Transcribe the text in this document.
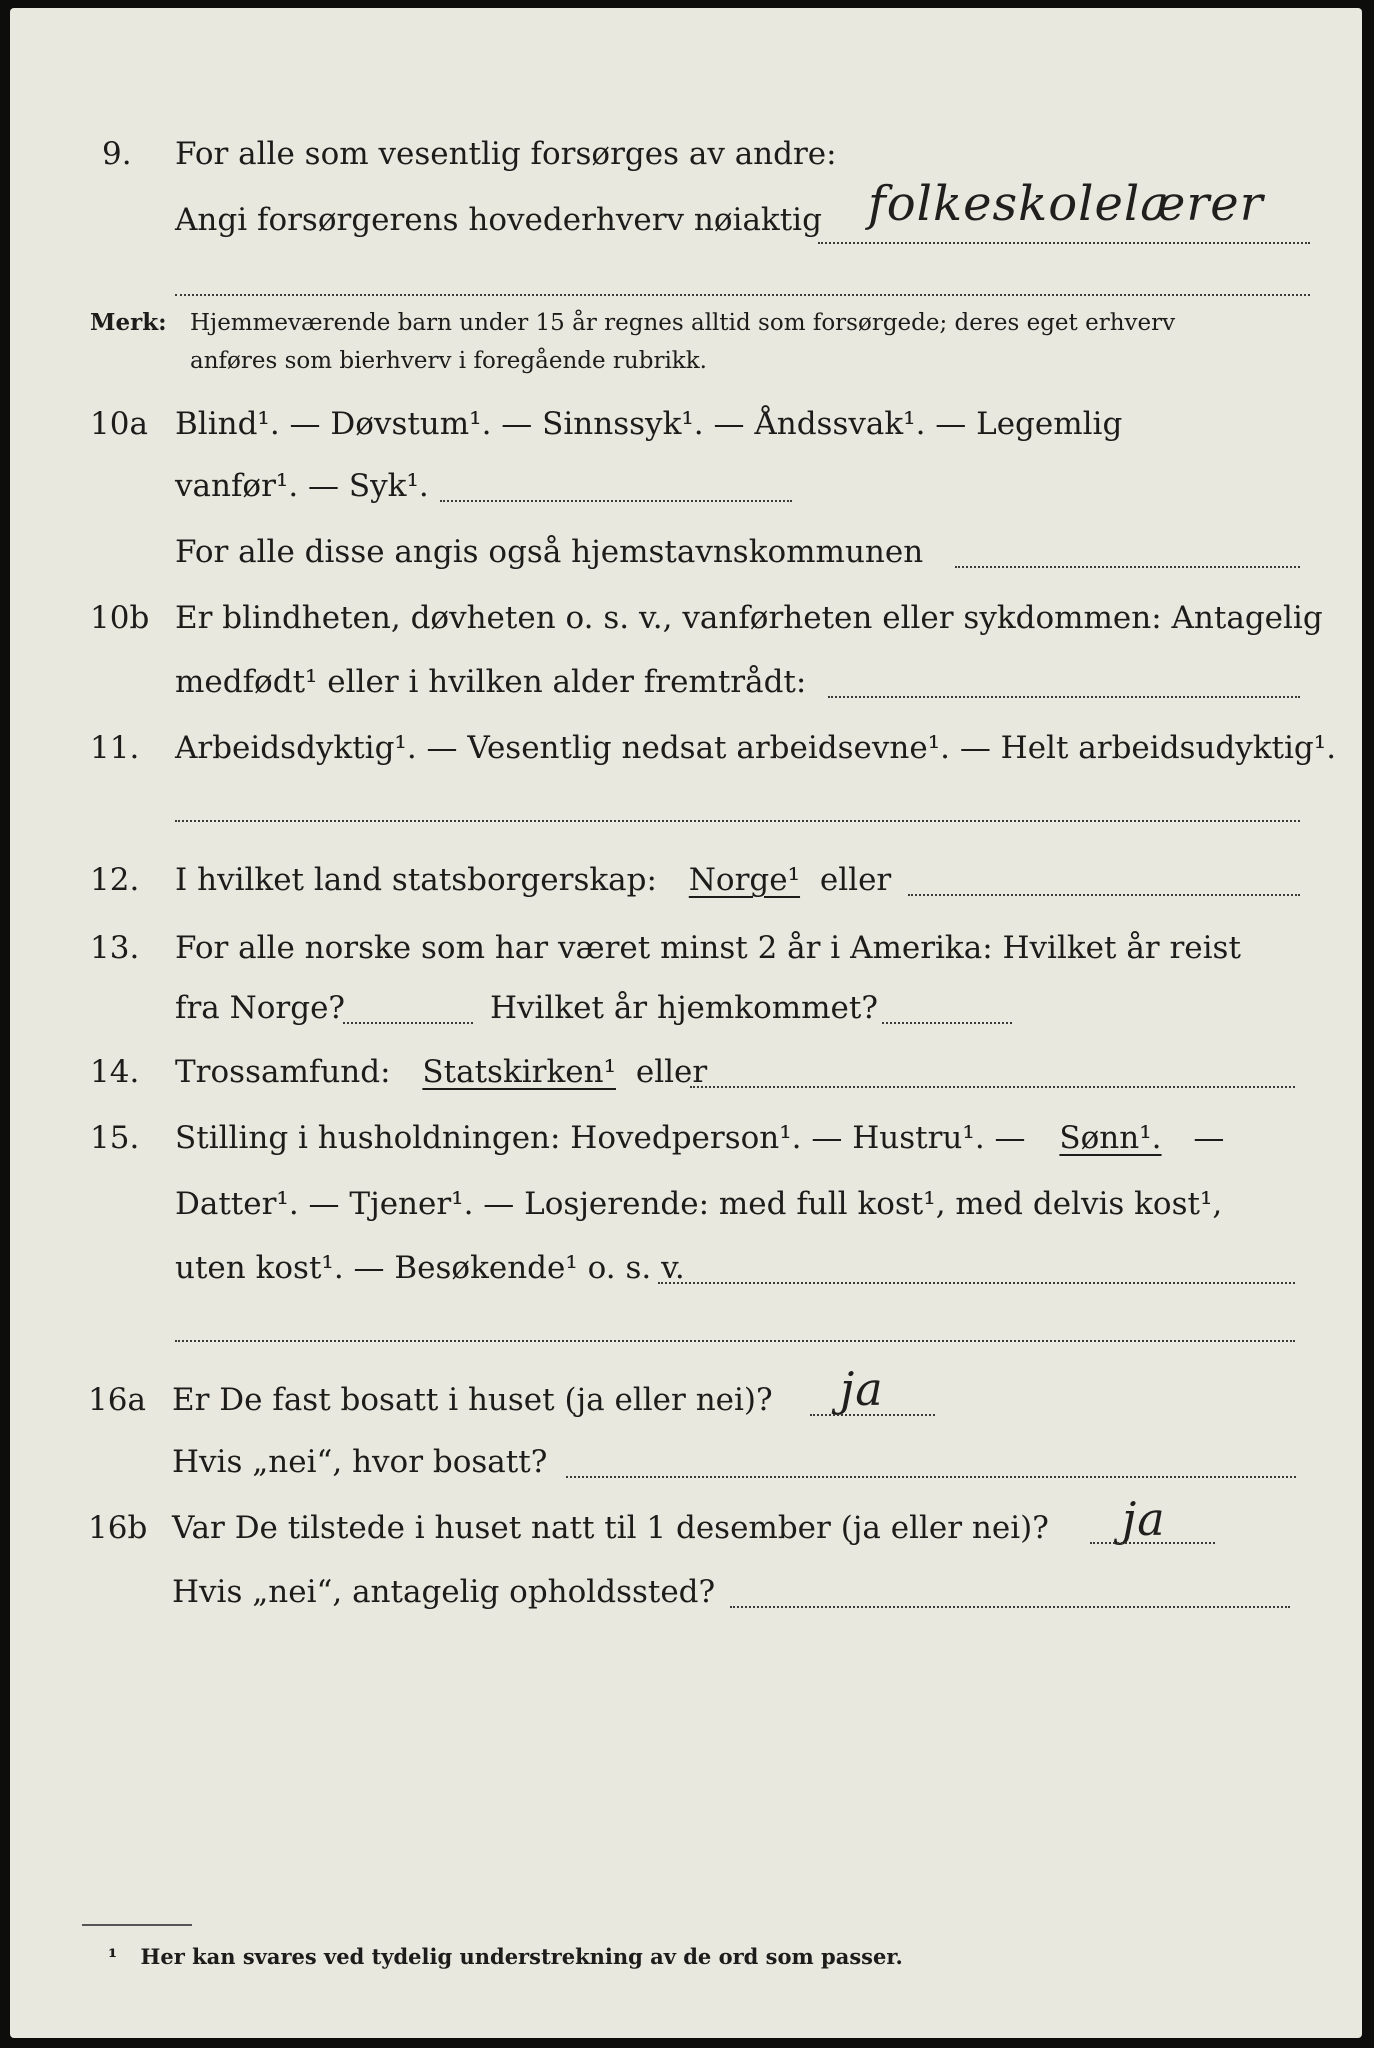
9. For alle som vesentlig forsørges av andre:
Angi forsørgerens hovederhverv nøiaktig folkeskolelærer
Merk: Hjemmeværende barn under 15 år regnes alltid som forsørgede; deres eget erhverv
anføres som bierhverv i foregående rubrikk.
10a Blind¹. — Døvstum¹. — Sinnssyk¹. — Åndssvak¹. — Legemlig
vanfør¹. — Syk¹.
For alle disse angis også hjemstavnskommunen
10b Er blindheten, døvheten o. s. v., vanførheten eller sykdommen: Antagelig
medfødt¹ eller i hvilken alder fremtrådt:
11. Arbeidsdyktig¹. — Vesentlig nedsat arbeidsevne¹. — Helt arbeidsudyktig¹.
12. I hvilket land statsborgerskap: Norge¹ eller
13. For alle norske som har været minst 2 år i Amerika: Hvilket år reist
fra Norge?	Hvilket år hjemkommet?
14. Trossamfund: Statskirken¹ eller
15. Stilling i husholdningen: Hovedperson¹. — Hustru¹. — Sønn¹. —
Datter¹. — Tjener¹. — Losjerende: med full kost¹, med delvis kost¹,
uten kost¹. — Besøkende¹ o. s. v.
16a Er De fast bosatt i huset (ja eller nei)? ja
Hvis „nei“, hvor bosatt?
16b Var De tilstede i huset natt til 1 desember (ja eller nei)? ja
Hvis „nei“, antagelig opholdssted?
¹ Her kan svares ved tydelig understrekning av de ord som passer.
